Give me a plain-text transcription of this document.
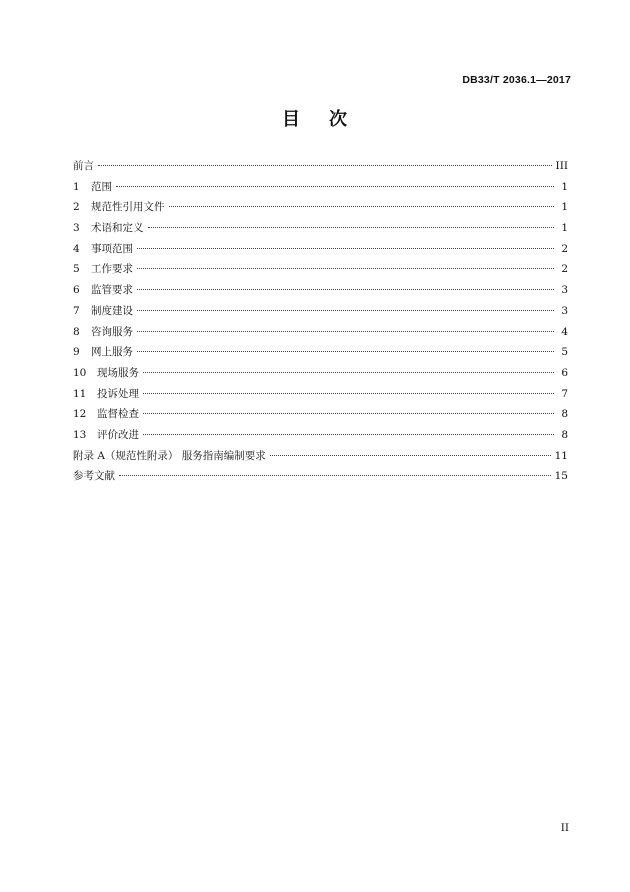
DB33/T 2036.1—2017
目 次
前言	III
1	范围	1
2	规范性引用文件	1
3	术语和定义	1
4	事项范围	2
5	工作要求	2
6	监管要求	3
7	制度建设	3
8	咨询服务	4
9	网上服务	5
10	现场服务	6
11	投诉处理	7
12	监督检查	8
13	评价改进	8
附录 A（规范性附录） 服务指南编制要求	11
参考文献	15
II
